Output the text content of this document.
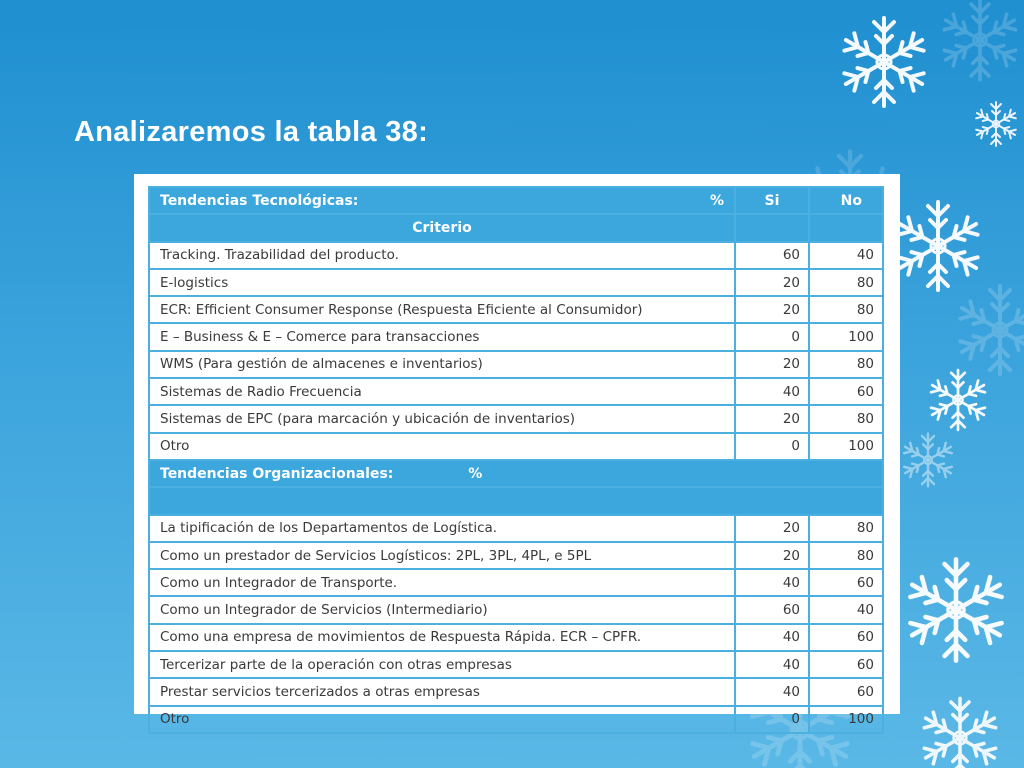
Analizaremos la tabla 38:
Tendencias Tecnológicas: %	Si	No
Criterio		
Tracking. Trazabilidad del producto.	60	40
E-logistics	20	80
ECR: Efficient Consumer Response (Respuesta Eficiente al Consumidor)	20	80
E – Business & E – Comerce para transacciones	0	100
WMS (Para gestión de almacenes e inventarios)	20	80
Sistemas de Radio Frecuencia	40	60
Sistemas de EPC (para marcación y ubicación de inventarios)	20	80
Otro	0	100
Tendencias Organizacionales: %		

La tipificación de los Departamentos de Logística.	20	80
Como un prestador de Servicios Logísticos: 2PL, 3PL, 4PL, e 5PL	20	80
Como un Integrador de Transporte.	40	60
Como un Integrador de Servicios (Intermediario)	60	40
Como una empresa de movimientos de Respuesta Rápida. ECR – CPFR.	40	60
Tercerizar parte de la operación con otras empresas	40	60
Prestar servicios tercerizados a otras empresas	40	60
Otro	0	100
